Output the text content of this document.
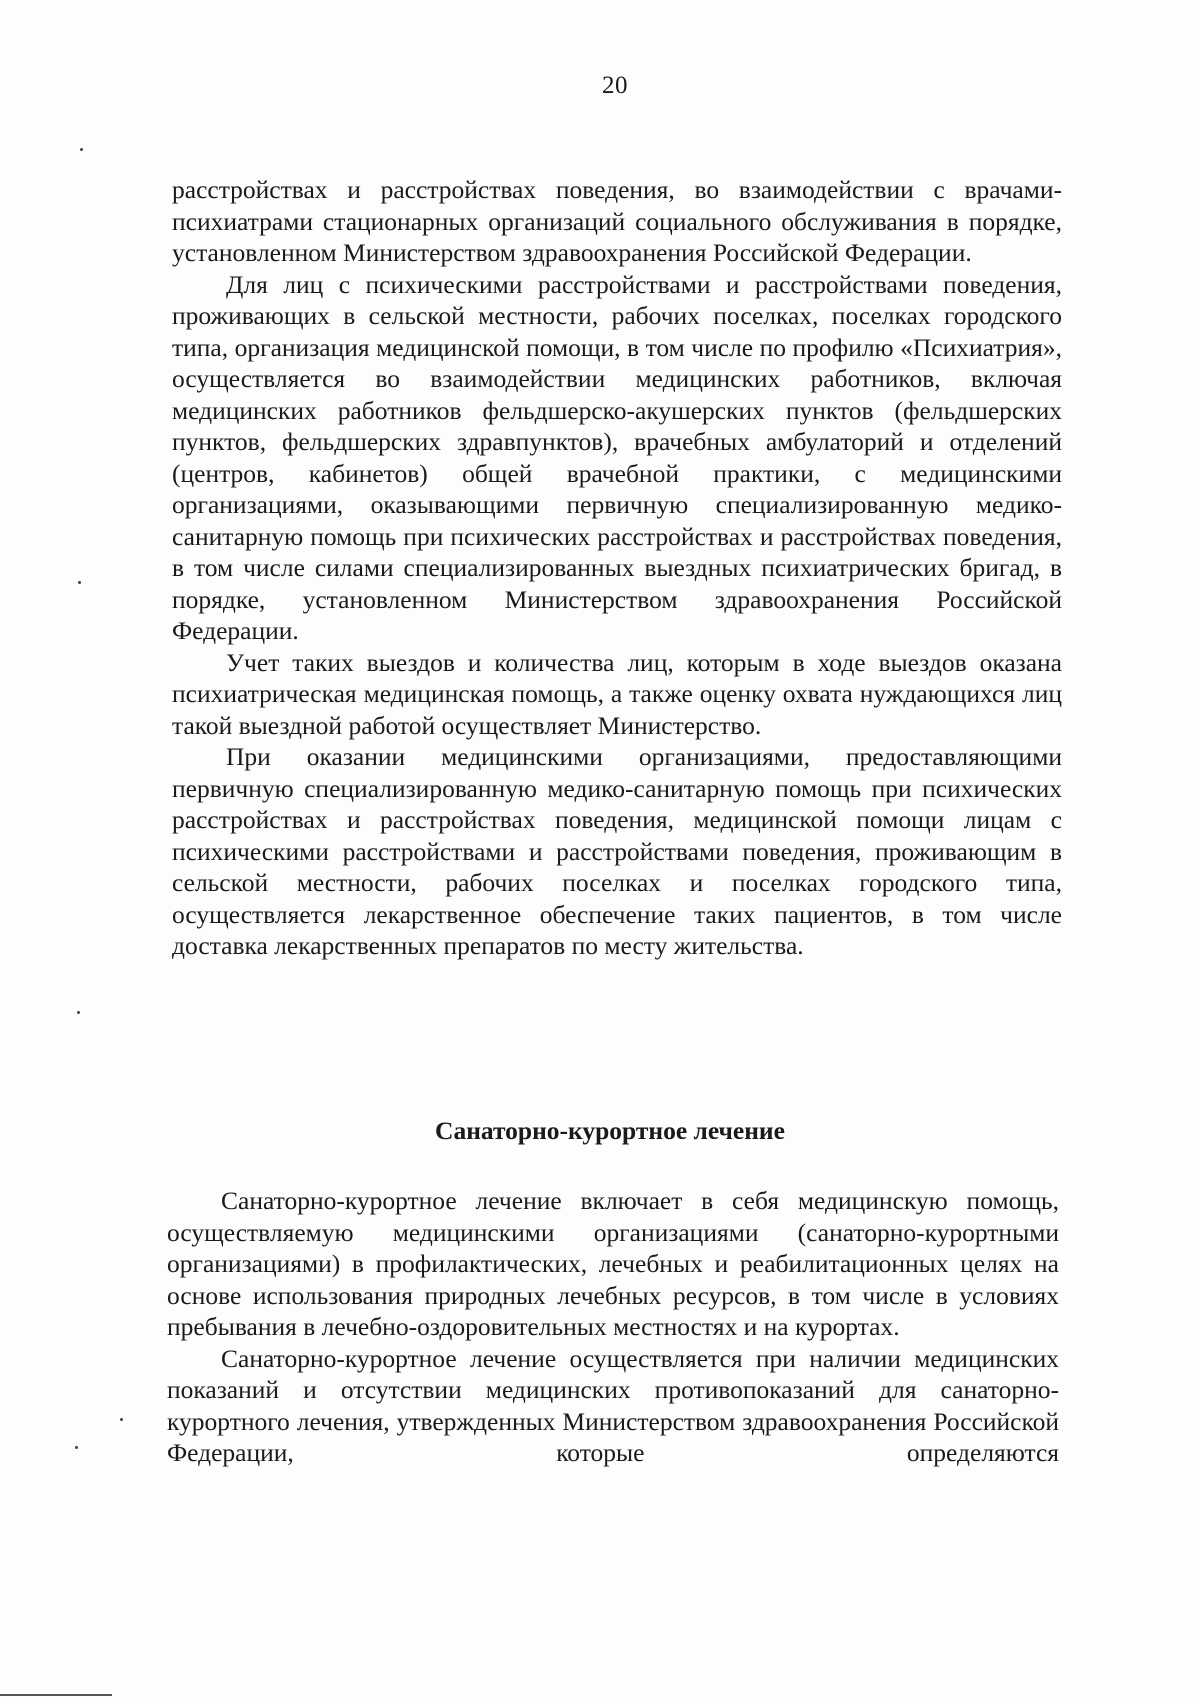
20

расстройствах и расстройствах поведения, во взаимодействии с врачами-психиатрами стационарных организаций социального обслуживания в порядке, установленном Министерством здравоохранения Российской Федерации.

Для лиц с психическими расстройствами и расстройствами поведения, проживающих в сельской местности, рабочих поселках, поселках городского типа, организация медицинской помощи, в том числе по профилю «Психиатрия», осуществляется во взаимодействии медицинских работников, включая медицинских работников фельдшерско-акушерских пунктов (фельдшерских пунктов, фельдшерских здравпунктов), врачебных амбулаторий и отделений (центров, кабинетов) общей врачебной практики, с медицинскими организациями, оказывающими первичную специализированную медико-санитарную помощь при психических расстройствах и расстройствах поведения, в том числе силами специализированных выездных психиатрических бригад, в порядке, установленном Министерством здравоохранения Российской Федерации.

Учет таких выездов и количества лиц, которым в ходе выездов оказана психиатрическая медицинская помощь, а также оценку охвата нуждающихся лиц такой выездной работой осуществляет Министерство.

При оказании медицинскими организациями, предоставляющими первичную специализированную медико-санитарную помощь при психических расстройствах и расстройствах поведения, медицинской помощи лицам с психическими расстройствами и расстройствами поведения, проживающим в сельской местности, рабочих поселках и поселках городского типа, осуществляется лекарственное обеспечение таких пациентов, в том числе доставка лекарственных препаратов по месту жительства.

Санаторно-курортное лечение

Санаторно-курортное лечение включает в себя медицинскую помощь, осуществляемую медицинскими организациями (санаторно-курортными организациями) в профилактических, лечебных и реабилитационных целях на основе использования природных лечебных ресурсов, в том числе в условиях пребывания в лечебно-оздоровительных местностях и на курортах.

Санаторно-курортное лечение осуществляется при наличии медицинских показаний и отсутствии медицинских противопоказаний для санаторно-курортного лечения, утвержденных Министерством здравоохранения Российской Федерации, которые определяются
